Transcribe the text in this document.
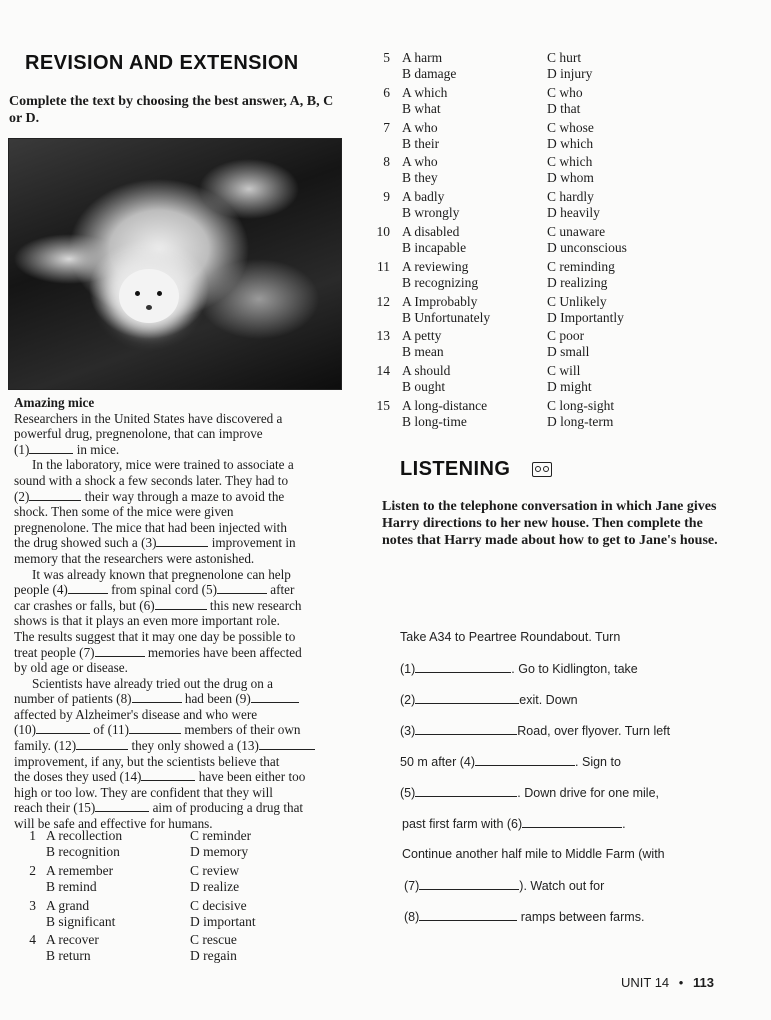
REVISION AND EXTENSION
Complete the text by choosing the best answer, A, B, C or D.

Amazing mice

Researchers in the United States have discovered a
powerful drug, pregnenolone, that can improve
(1)	in mice.

In the laboratory, mice were trained to associate a
sound with a shock a few seconds later. They had to
(2)	their way through a maze to avoid the
shock. Then some of the mice were given
pregnenolone. The mice that had been injected with
the drug showed such a (3)	improvement in
memory that the researchers were astonished.

It was already known that pregnenolone can help
people (4)	from spinal cord (5)	after
car crashes or falls, but (6)	this new research
shows is that it plays an even more important role.
The results suggest that it may one day be possible to
treat people (7)	memories have been affected
by old age or disease.

Scientists have already tried out the drug on a
number of patients (8)	had been (9)
affected by Alzheimer's disease and who were
(10)	of (11)	members of their own
family. (12)	they only showed a (13)
improvement, if any, but the scientists believe that
the doses they used (14)	have been either too
high or too low. They are confident that they will
reach their (15)	aim of producing a drug that
will be safe and effective for humans.

1 A recollection
B recognition
C reminder
D memory
2 A remember
B remind
C review
D realize
3 A grand
B significant
C decisive
D important
4 A recover
B return
C rescue
D regain
5 A harm
B damage
C hurt
D injury
6 A which
B what
C who
D that
7 A who
B their
C whose
D which
8 A who
B they
C which
D whom
9 A badly
B wrongly
C hardly
D heavily
10 A disabled
B incapable
C unaware
D unconscious
11 A reviewing
B recognizing
C reminding
D realizing
12 A Improbably
B Unfortunately
C Unlikely
D Importantly
13 A petty
B mean
C poor
D small
14 A should
B ought
C will
D might
15 A long-distance
B long-time
C long-sight
D long-term
LISTENING
Listen to the telephone conversation in which Jane gives Harry directions to her new house. Then complete the notes that Harry made about how to get to Jane's house.
Take A34 to Peartree Roundabout. Turn
(1)	. Go to Kidlington, take
(2)	exit. Down
(3)	Road, over flyover. Turn left
50 m after (4)	. Sign to
(5)	. Down drive for one mile,
past first farm with (6)	.
Continue another half mile to Middle Farm (with
(7)	). Watch out for
(8)	ramps between farms.
UNIT 14 • 113
